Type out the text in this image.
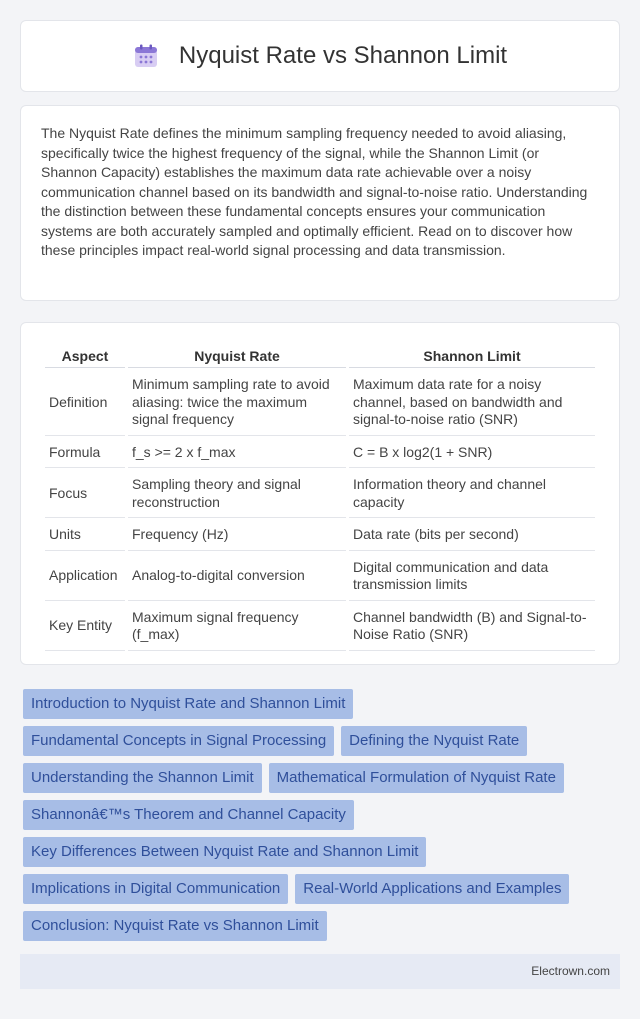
Nyquist Rate vs Shannon Limit

The Nyquist Rate defines the minimum sampling frequency needed to avoid aliasing, specifically twice the highest frequency of the signal, while the Shannon Limit (or Shannon Capacity) establishes the maximum data rate achievable over a noisy communication channel based on its bandwidth and signal-to-noise ratio. Understanding the distinction between these fundamental concepts ensures your communication systems are both accurately sampled and optimally efficient. Read on to discover how these principles impact real-world signal processing and data transmission.

Aspect	Nyquist Rate	Shannon Limit
Definition	Minimum sampling rate to avoid aliasing: twice the maximum signal frequency	Maximum data rate for a noisy channel, based on bandwidth and signal-to-noise ratio (SNR)
Formula	f_s >= 2 x f_max	C = B x log2(1 + SNR)
Focus	Sampling theory and signal reconstruction	Information theory and channel capacity
Units	Frequency (Hz)	Data rate (bits per second)
Application	Analog-to-digital conversion	Digital communication and data transmission limits
Key Entity	Maximum signal frequency (f_max)	Channel bandwidth (B) and Signal-to-Noise Ratio (SNR)
Introduction to Nyquist Rate and Shannon Limit
Fundamental Concepts in Signal Processing	Defining the Nyquist Rate
Understanding the Shannon Limit	Mathematical Formulation of Nyquist Rate
Shannonâ€™s Theorem and Channel Capacity
Key Differences Between Nyquist Rate and Shannon Limit
Implications in Digital Communication	Real-World Applications and Examples
Conclusion: Nyquist Rate vs Shannon Limit
Electrown.com
